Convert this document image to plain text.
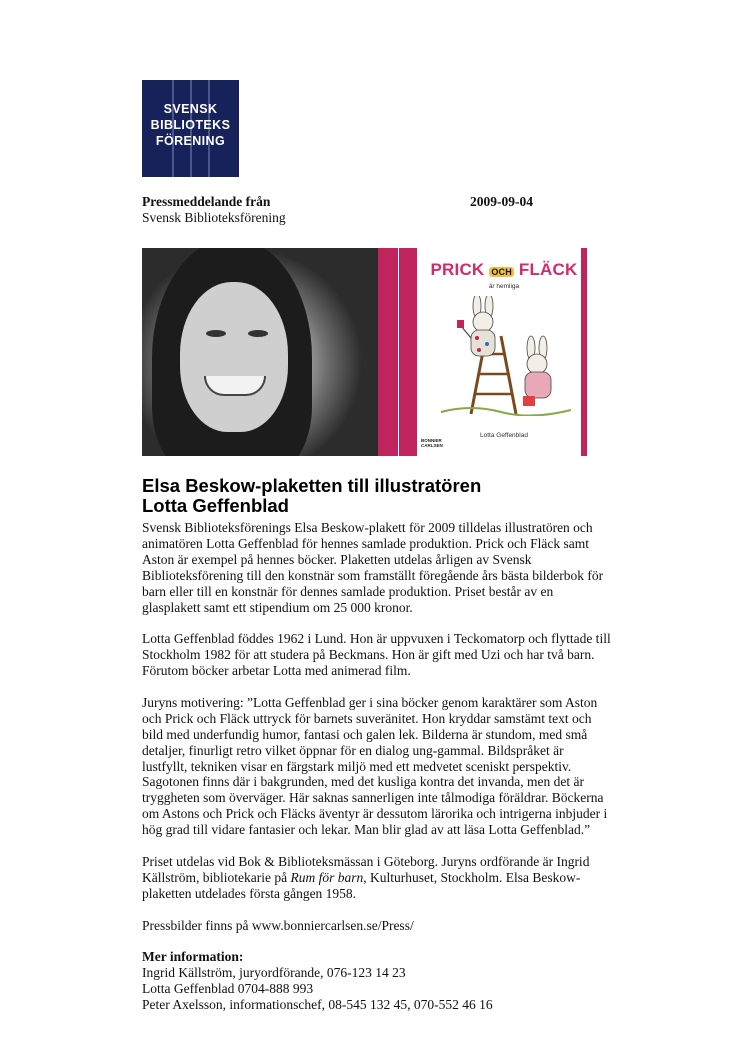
SVENSK
BIBLIOTEKS
FÖRENING
Pressmeddelande från
Svensk Biblioteksförening
2009-09-04
PRICK OCH FLÄCK
är hemliga
Lotta Geffenblad
BONNIER
CARLSEN
Elsa Beskow-plaketten till illustratören
Lotta Geffenblad

Svensk Biblioteksförenings Elsa Beskow-plakett för 2009 tilldelas illustratören och animatören Lotta Geffenblad för hennes samlade produktion. Prick och Fläck samt Aston är exempel på hennes böcker. Plaketten utdelas årligen av Svensk Biblioteksförening till den konstnär som framställt föregående års bästa bilderbok för barn eller till en konstnär för dennes samlade produktion. Priset består av en glasplakett samt ett stipendium om 25 000 kronor.

Lotta Geffenblad föddes 1962 i Lund. Hon är uppvuxen i Teckomatorp och flyttade till Stockholm 1982 för att studera på Beckmans. Hon är gift med Uzi och har två barn. Förutom böcker arbetar Lotta med animerad film.

Juryns motivering: ”Lotta Geffenblad ger i sina böcker genom karaktärer som Aston och Prick och Fläck uttryck för barnets suveränitet. Hon kryddar samstämt text och bild med underfundig humor, fantasi och galen lek. Bilderna är stundom, med små detaljer, finurligt retro vilket öppnar för en dialog ung-gammal. Bildspråket är lustfyllt, tekniken visar en färgstark miljö med ett medvetet sceniskt perspektiv. Sagotonen finns där i bakgrunden, med det kusliga kontra det invanda, men det är tryggheten som överväger. Här saknas sannerligen inte tålmodiga föräldrar. Böckerna om Astons och Prick och Fläcks äventyr är dessutom lärorika och intrigerna inbjuder i hög grad till vidare fantasier och lekar. Man blir glad av att läsa Lotta Geffenblad.”

Priset utdelas vid Bok & Biblioteksmässan i Göteborg. Juryns ordförande är Ingrid Källström, bibliotekarie på Rum för barn, Kulturhuset, Stockholm. Elsa Beskow-plaketten utdelades första gången 1958.

Pressbilder finns på www.bonniercarlsen.se/Press/

Mer information:
Ingrid Källström, juryordförande, 076-123 14 23
Lotta Geffenblad 0704-888 993
Peter Axelsson, informationschef, 08-545 132 45, 070-552 46 16
